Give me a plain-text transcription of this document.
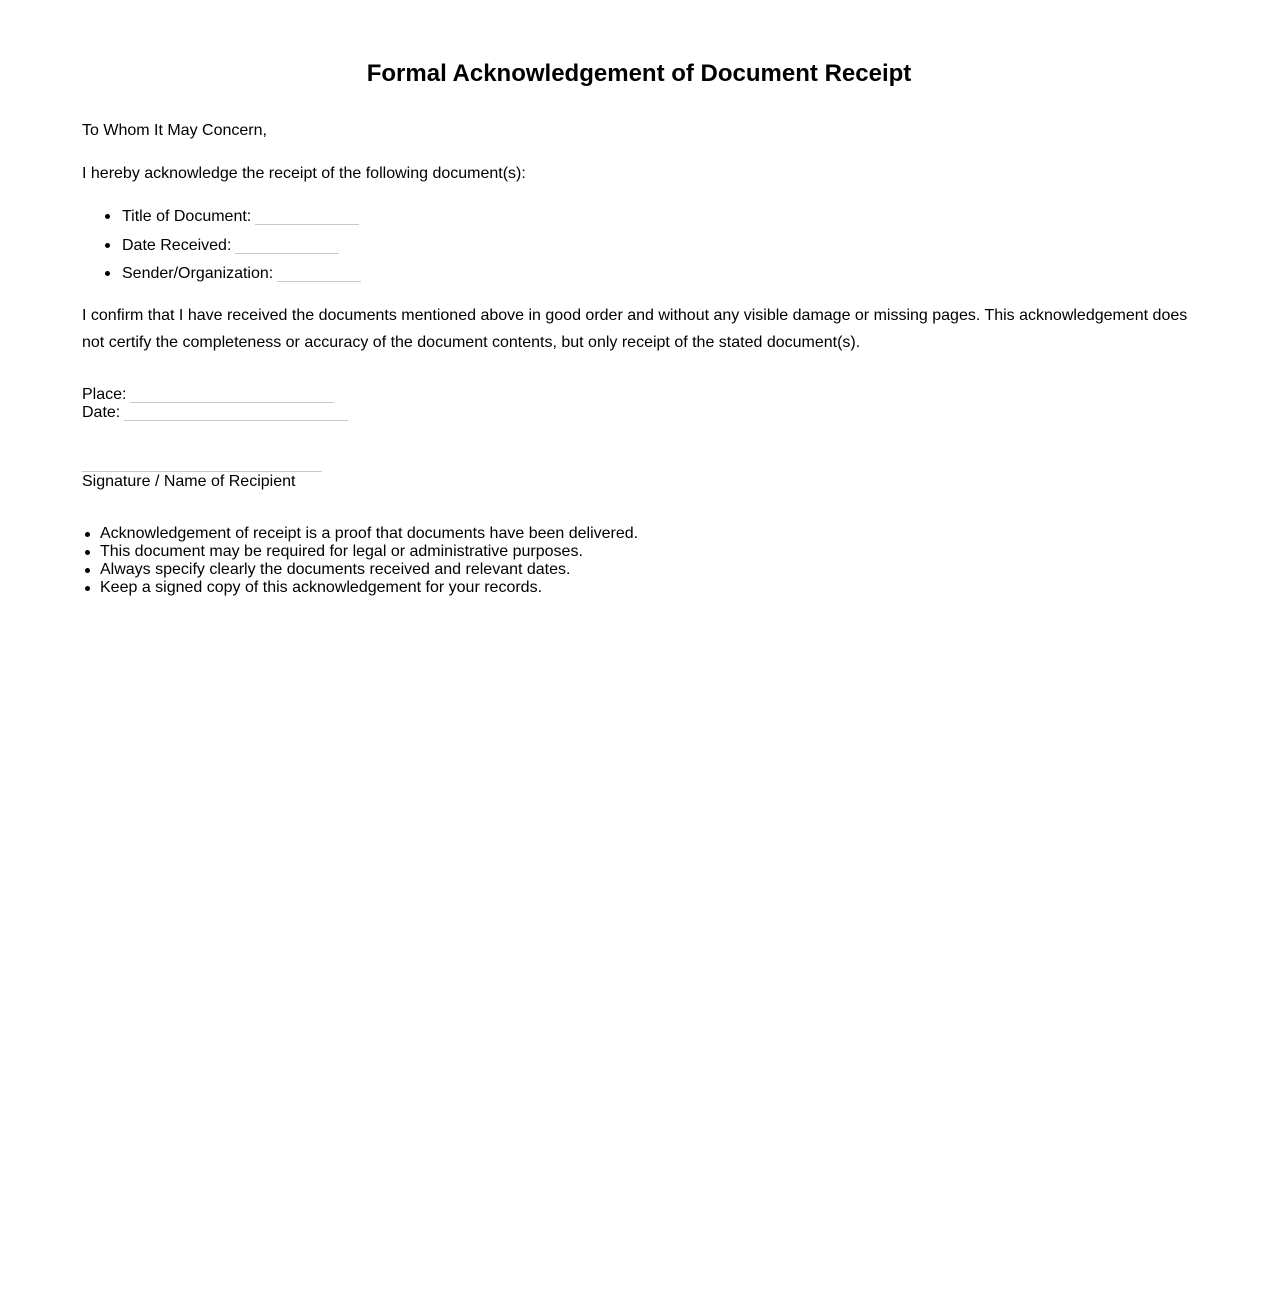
Formal Acknowledgement of Document Receipt

To Whom It May Concern,

I hereby acknowledge the receipt of the following document(s):

Title of Document:
Date Received:
Sender/Organization:

I confirm that I have received the documents mentioned above in good order and without any visible damage or missing pages. This acknowledgement does not certify the completeness or accuracy of the document contents, but only receipt of the stated document(s).

Place:

Date:

Signature / Name of Recipient

Acknowledgement of receipt is a proof that documents have been delivered.
This document may be required for legal or administrative purposes.
Always specify clearly the documents received and relevant dates.
Keep a signed copy of this acknowledgement for your records.
